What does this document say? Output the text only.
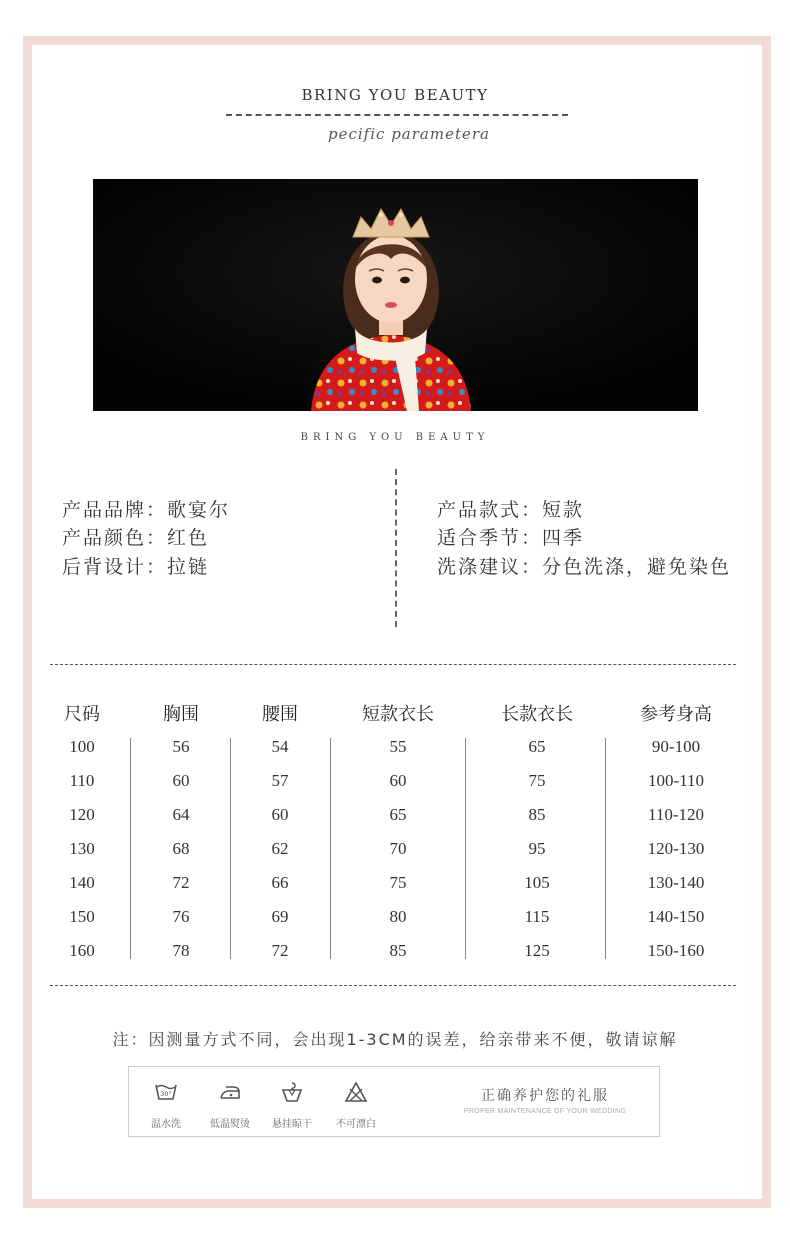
BRING YOU BEAUTY
pecific parametera
BRING YOU BEAUTY
产品品牌：歌宴尔
产品颜色：红色
后背设计：拉链
产品款式：短款
适合季节：四季
洗涤建议：分色洗涤，避免染色
尺码	胸围	腰围	短款衣长	长款衣长	参考身高
100	56	54	55	65	90-100
110	60	57	60	75	100-110
120	64	60	65	85	110-120
130	68	62	70	95	120-130
140	72	66	75	105	130-140
150	76	69	80	115	140-150
160	78	72	85	125	150-160
注：因测量方式不同，会出现1-3CM的误差，给亲带来不便，敬请谅解
30°
温水洗	低温熨烫	悬挂晾干	不可漂白
正确养护您的礼服
PROPER MAINTENANCE OF YOUR WEDDING
